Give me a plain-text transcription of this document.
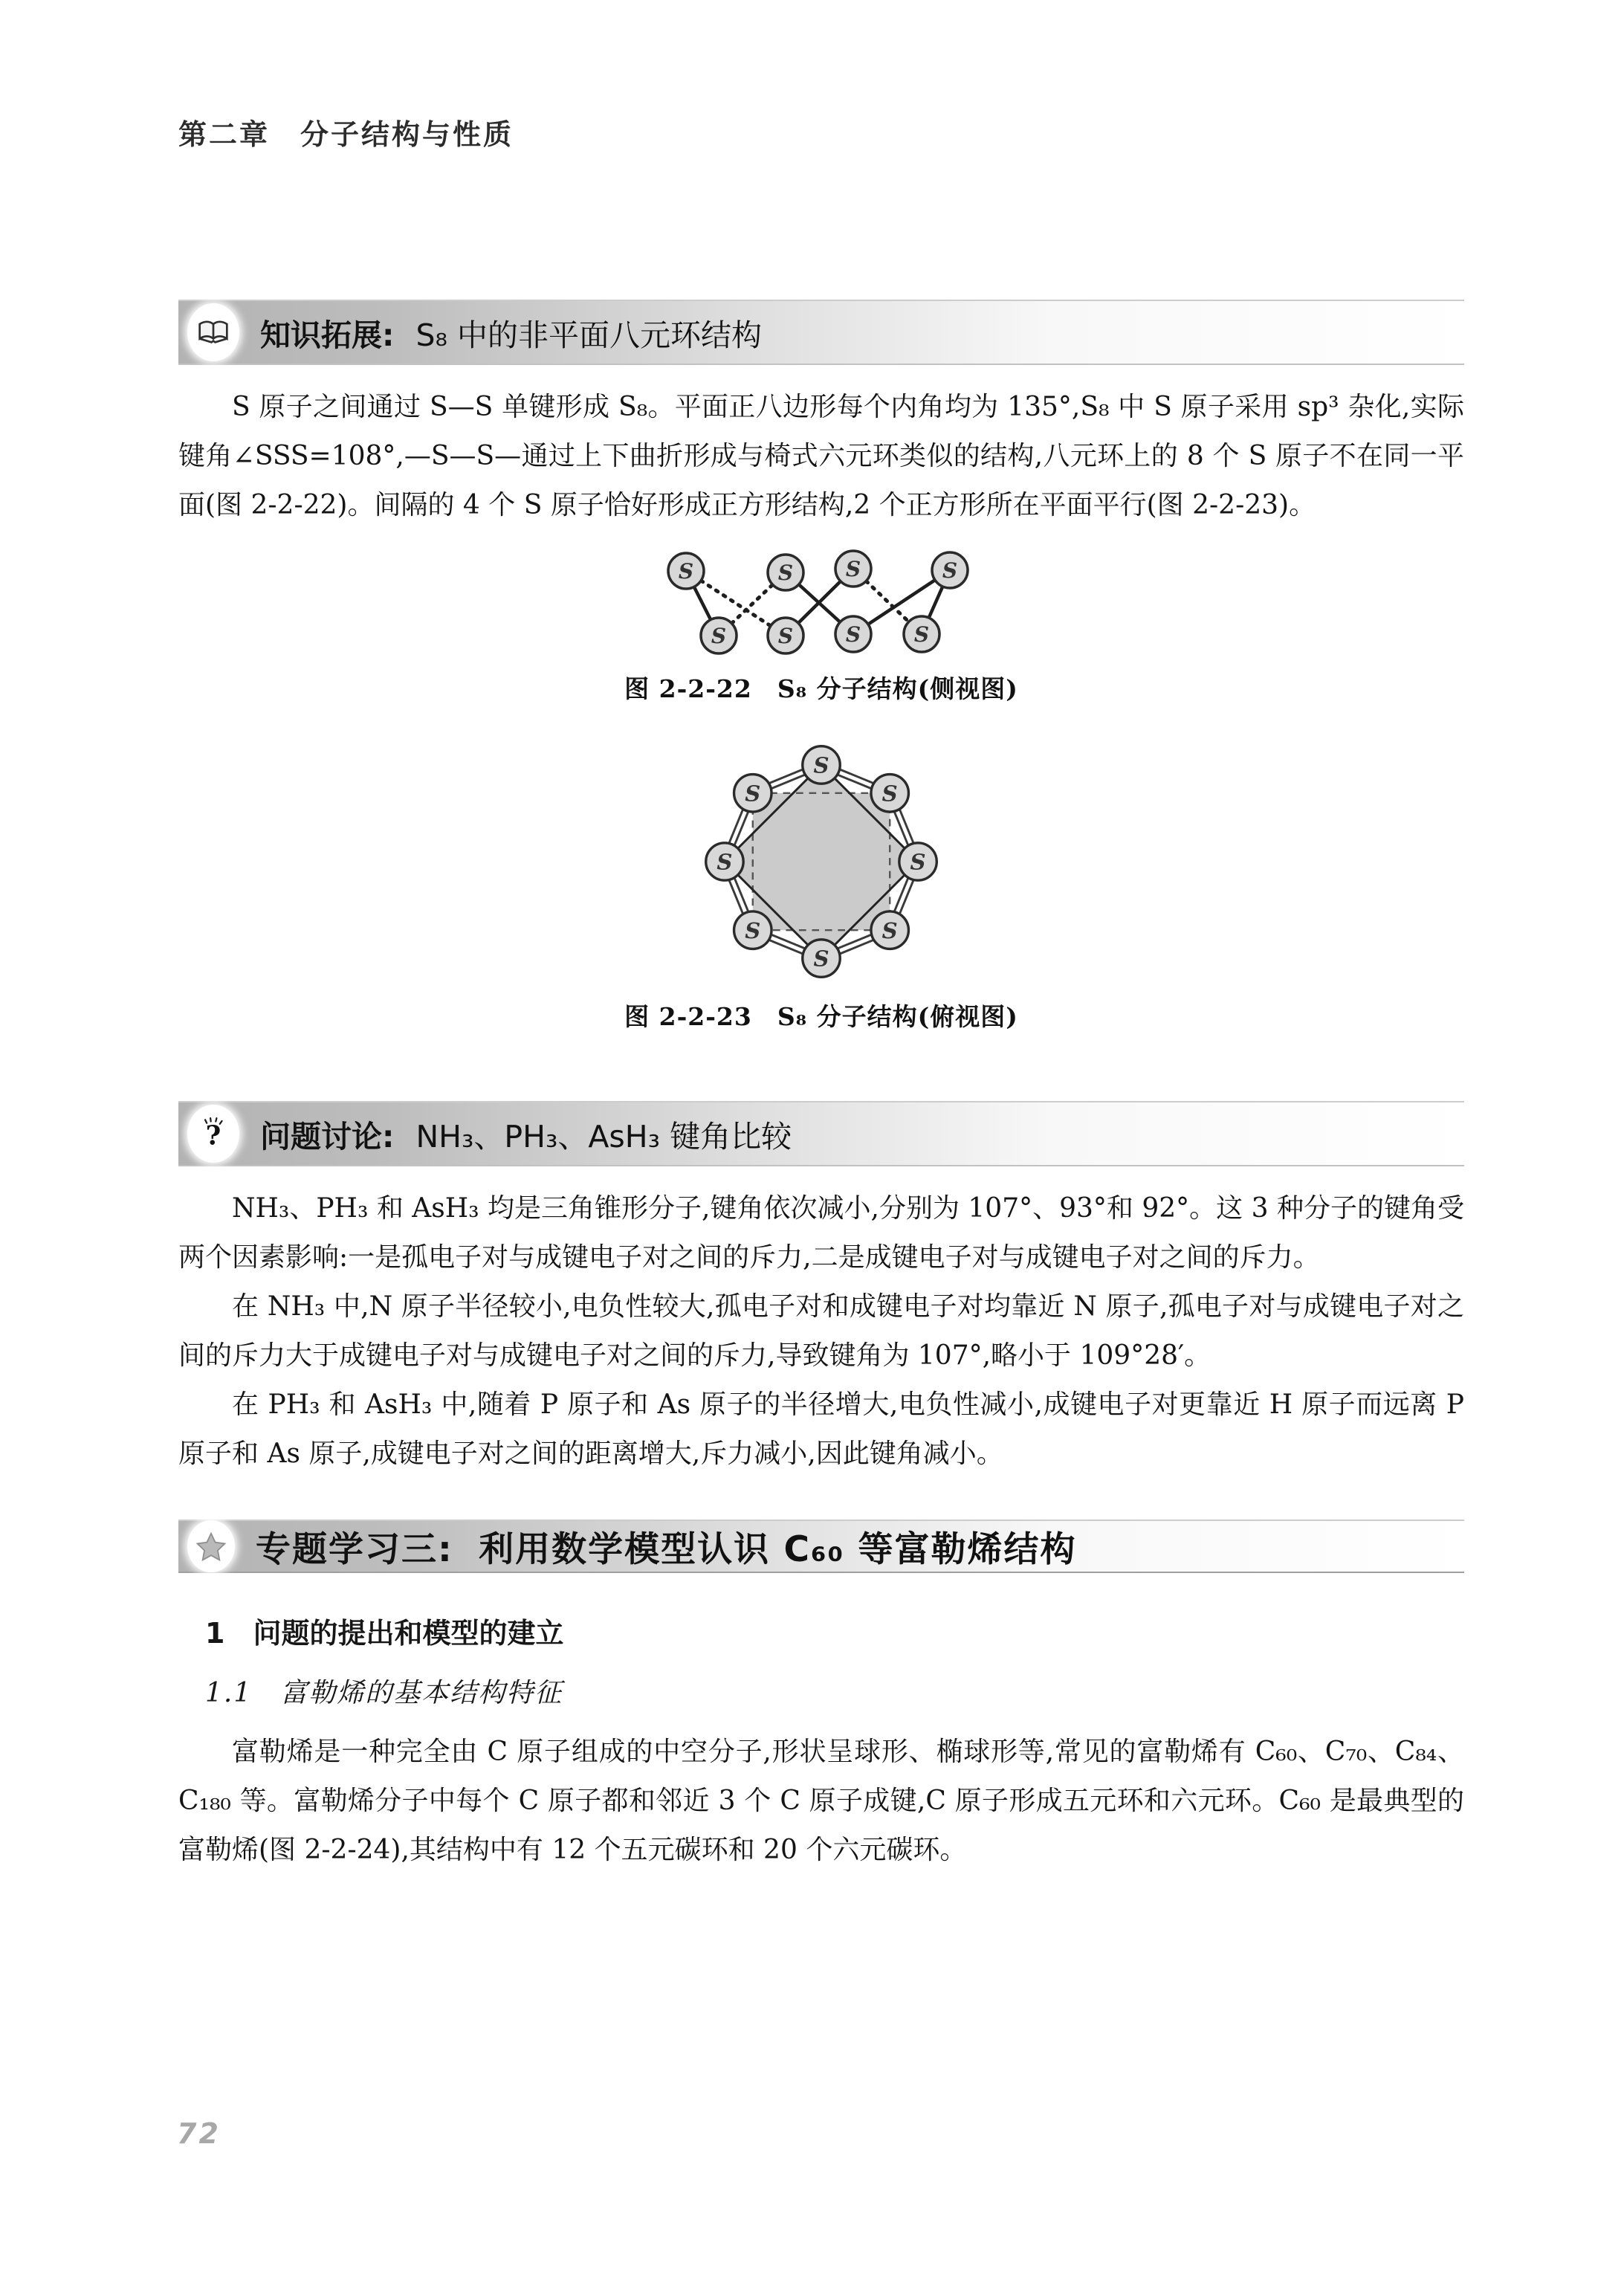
第二章　分子结构与性质
知识拓展: S₈ 中的非平面八元环结构

S 原子之间通过 S—S 单键形成 S₈。平面正八边形每个内角均为 135°,S₈ 中 S 原子采用 sp³ 杂化,实际键角∠SSS=108°,—S—S—通过上下曲折形成与椅式六元环类似的结构,八元环上的 8 个 S 原子不在同一平面(图 2-2-22)。间隔的 4 个 S 原子恰好形成正方形结构,2 个正方形所在平面平行(图 2-2-23)。

S	S	S	S
S S	S	S
图 2-2-22　S₈ 分子结构(侧视图)
S
S
S
S
S
S
S
S
图 2-2-23　S₈ 分子结构(俯视图)
? 问题讨论: NH₃、PH₃、AsH₃ 键角比较

NH₃、PH₃ 和 AsH₃ 均是三角锥形分子,键角依次减小,分别为 107°、93°和 92°。这 3 种分子的键角受两个因素影响:一是孤电子对与成键电子对之间的斥力,二是成键电子对与成键电子对之间的斥力。

在 NH₃ 中,N 原子半径较小,电负性较大,孤电子对和成键电子对均靠近 N 原子,孤电子对与成键电子对之间的斥力大于成键电子对与成键电子对之间的斥力,导致键角为 107°,略小于 109°28′。

在 PH₃ 和 AsH₃ 中,随着 P 原子和 As 原子的半径增大,电负性减小,成键电子对更靠近 H 原子而远离 P 原子和 As 原子,成键电子对之间的距离增大,斥力减小,因此键角减小。

专题学习三: 利用数学模型认识 C₆₀ 等富勒烯结构
1　问题的提出和模型的建立
1.1　富勒烯的基本结构特征

富勒烯是一种完全由 C 原子组成的中空分子,形状呈球形、椭球形等,常见的富勒烯有 C₆₀、C₇₀、C₈₄、C₁₈₀ 等。富勒烯分子中每个 C 原子都和邻近 3 个 C 原子成键,C 原子形成五元环和六元环。C₆₀ 是最典型的富勒烯(图 2-2-24),其结构中有 12 个五元碳环和 20 个六元碳环。

72
